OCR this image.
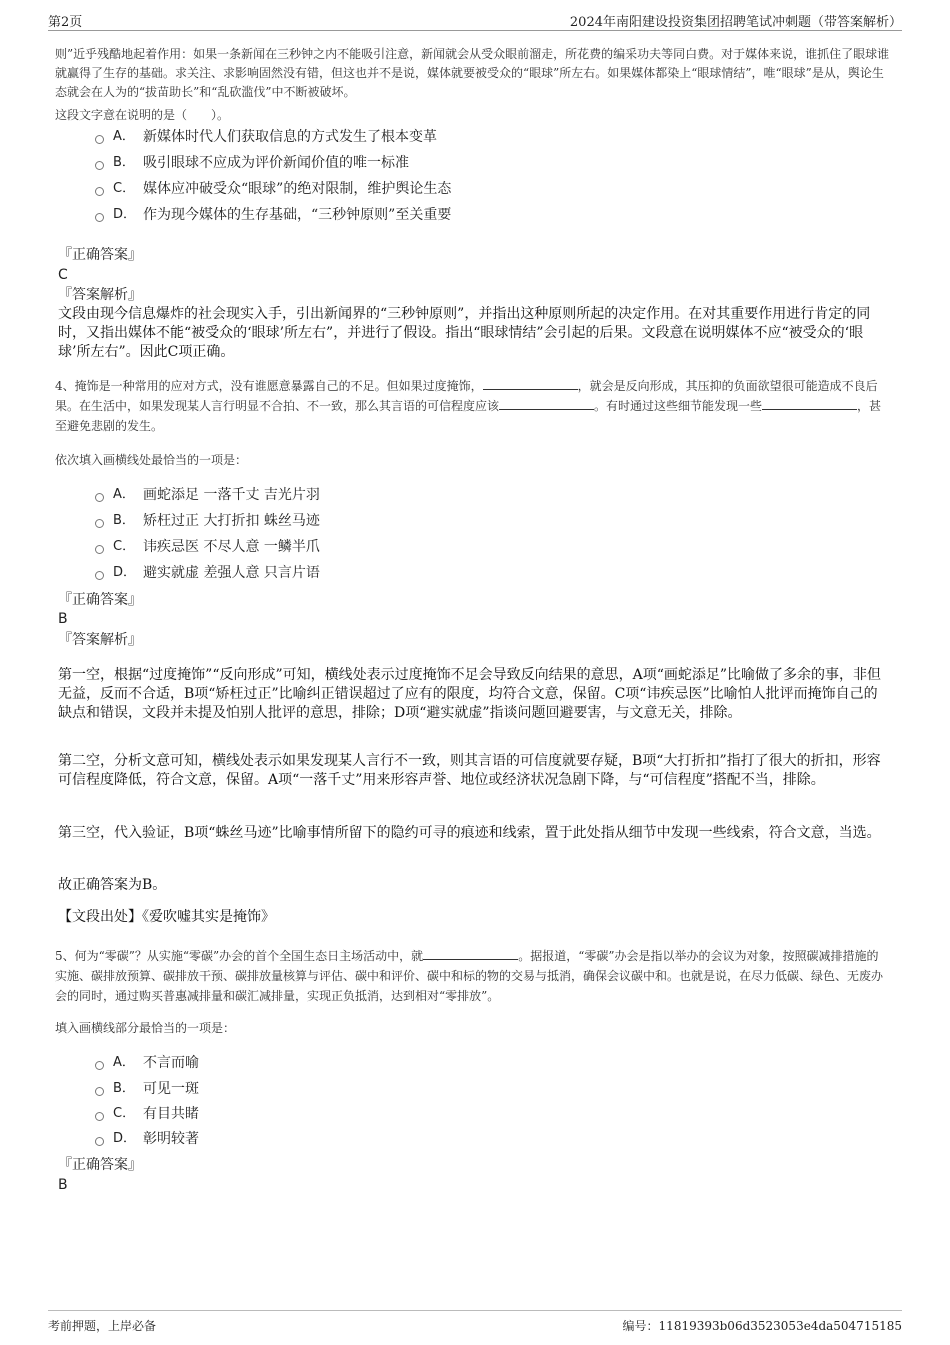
第2页	2024年南阳建设投资集团招聘笔试冲刺题（带答案解析）
则”近乎残酷地起着作用：如果一条新闻在三秒钟之内不能吸引注意，新闻就会从受众眼前溜走，所花费的编采功夫等同白费。对于媒体来说，谁抓住了眼球谁就赢得了生存的基础。求关注、求影响固然没有错，但这也并不是说，媒体就要被受众的“眼球”所左右。如果媒体都染上“眼球情结”，唯“眼球”是从，舆论生态就会在人为的“拔苗助长”和“乱砍滥伐”中不断被破坏。
这段文字意在说明的是（　　）。
A． 新媒体时代人们获取信息的方式发生了根本变革
B． 吸引眼球不应成为评价新闻价值的唯一标准
C． 媒体应冲破受众“眼球”的绝对限制，维护舆论生态
D． 作为现今媒体的生存基础，“三秒钟原则”至关重要
『正确答案』
C
『答案解析』
文段由现今信息爆炸的社会现实入手，引出新闻界的“三秒钟原则”，并指出这种原则所起的决定作用。在对其重要作用进行肯定的同时，又指出媒体不能“被受众的‘眼球’所左右”，并进行了假设。指出“眼球情结”会引起的后果。文段意在说明媒体不应“被受众的‘眼球’所左右”。因此C项正确。
4、掩饰是一种常用的应对方式，没有谁愿意暴露自己的不足。但如果过度掩饰，	，就会是反向形成，其压抑的负面欲望很可能造成不良后果。在生活中，如果发现某人言行明显不合拍、不一致，那么其言语的可信程度应该	。有时通过这些细节能发现一些	，甚至避免悲剧的发生。
依次填入画横线处最恰当的一项是：
A． 画蛇添足 一落千丈 吉光片羽
B． 矫枉过正 大打折扣 蛛丝马迹
C． 讳疾忌医 不尽人意 一鳞半爪
D． 避实就虚 差强人意 只言片语
『正确答案』
B
『答案解析』
第一空，根据“过度掩饰”“反向形成”可知，横线处表示过度掩饰不足会导致反向结果的意思，A项“画蛇添足”比喻做了多余的事，非但无益，反而不合适，B项“矫枉过正”比喻纠正错误超过了应有的限度，均符合文意，保留。C项“讳疾忌医”比喻怕人批评而掩饰自己的缺点和错误，文段并未提及怕别人批评的意思，排除；D项“避实就虚”指谈问题回避要害，与文意无关，排除。
第二空，分析文意可知，横线处表示如果发现某人言行不一致，则其言语的可信度就要存疑，B项“大打折扣”指打了很大的折扣，形容可信程度降低，符合文意，保留。A项“一落千丈”用来形容声誉、地位或经济状况急剧下降，与“可信程度”搭配不当，排除。
第三空，代入验证，B项“蛛丝马迹”比喻事情所留下的隐约可寻的痕迹和线索，置于此处指从细节中发现一些线索，符合文意，当选。
故正确答案为B。
【文段出处】《爱吹嘘其实是掩饰》
5、何为“零碳”？从实施“零碳”办会的首个全国生态日主场活动中，就	。据报道，“零碳”办会是指以举办的会议为对象，按照碳减排措施的实施、碳排放预算、碳排放干预、碳排放量核算与评估、碳中和评价、碳中和标的物的交易与抵消，确保会议碳中和。也就是说，在尽力低碳、绿色、无废办会的同时，通过购买普惠减排量和碳汇减排量，实现正负抵消，达到相对“零排放”。
填入画横线部分最恰当的一项是：
A． 不言而喻
B． 可见一斑
C． 有目共睹
D． 彰明较著
『正确答案』
B
考前押题，上岸必备	编号：11819393b06d3523053e4da504715185
